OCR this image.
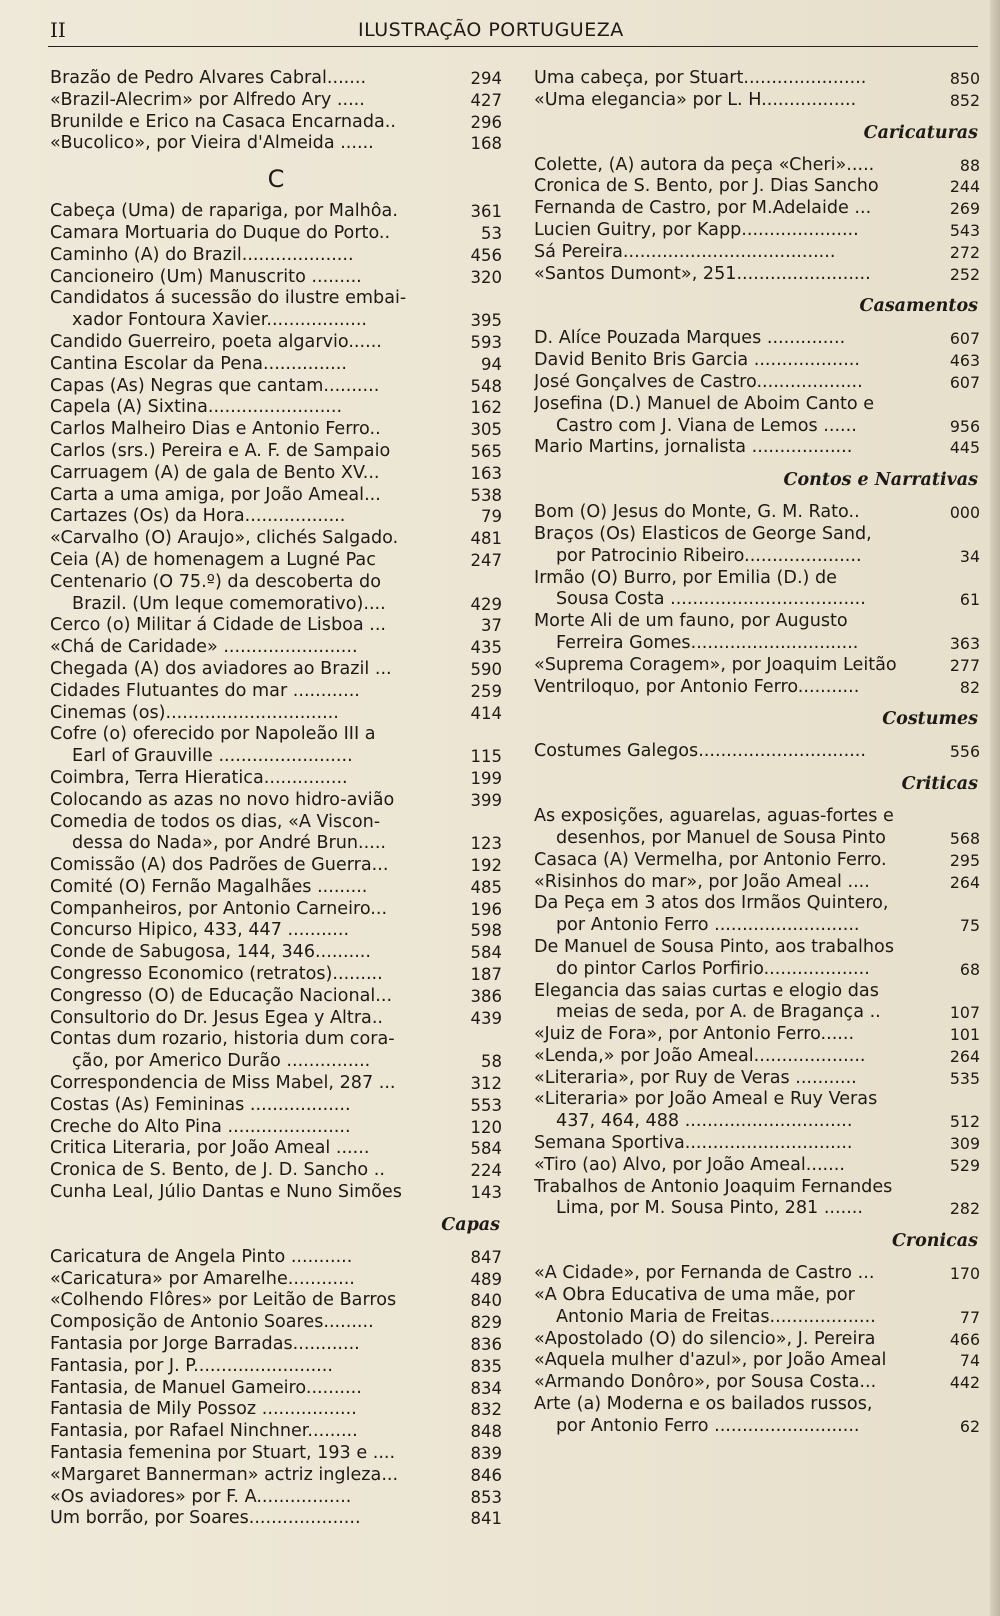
II	ILUSTRAÇÃO PORTUGUEZA
Brazão de Pedro Alvares Cabral.......	294
«Brazil-Alecrim» por Alfredo Ary .....	427
Brunilde e Erico na Casaca Encarnada..	296
«Bucolico», por Vieira d'Almeida ......	168
C
Cabeça (Uma) de rapariga, por Malhôa.	361
Camara Mortuaria do Duque do Porto..	53
Caminho (A) do Brazil....................	456
Cancioneiro (Um) Manuscrito .........	320
Candidatos á sucessão do ilustre embai-
xador Fontoura Xavier..................	395
Candido Guerreiro, poeta algarvio......	593
Cantina Escolar da Pena...............	94
Capas (As) Negras que cantam..........	548
Capela (A) Sixtina........................	162
Carlos Malheiro Dias e Antonio Ferro..	305
Carlos (srs.) Pereira e A. F. de Sampaio	565
Carruagem (A) de gala de Bento XV...	163
Carta a uma amiga, por João Ameal...	538
Cartazes (Os) da Hora..................	79
«Carvalho (O) Araujo», clichés Salgado.	481
Ceia (A) de homenagem a Lugné Pac	247
Centenario (O 75.º) da descoberta do
Brazil. (Um leque comemorativo)....	429
Cerco (o) Militar á Cidade de Lisboa ...	37
«Chá de Caridade» ........................	435
Chegada (A) dos aviadores ao Brazil ...	590
Cidades Flutuantes do mar ............	259
Cinemas (os)...............................	414
Cofre (o) oferecido por Napoleão III a
Earl of Grauville ........................	115
Coimbra, Terra Hieratica...............	199
Colocando as azas no novo hidro-avião	399
Comedia de todos os dias, «A Viscon-
dessa do Nada», por André Brun.....	123
Comissão (A) dos Padrões de Guerra...	192
Comité (O) Fernão Magalhães .........	485
Companheiros, por Antonio Carneiro...	196
Concurso Hipico, 433, 447 ...........	598
Conde de Sabugosa, 144, 346..........	584
Congresso Economico (retratos).........	187
Congresso (O) de Educação Nacional...	386
Consultorio do Dr. Jesus Egea y Altra..	439
Contas dum rozario, historia dum cora-
ção, por Americo Durão ...............	58
Correspondencia de Miss Mabel, 287 ...	312
Costas (As) Femininas ..................	553
Creche do Alto Pina ......................	120
Critica Literaria, por João Ameal ......	584
Cronica de S. Bento, de J. D. Sancho ..	224
Cunha Leal, Júlio Dantas e Nuno Simões	143
Capas
Caricatura de Angela Pinto ...........	847
«Caricatura» por Amarelhe............	489
«Colhendo Flôres» por Leitão de Barros	840
Composição de Antonio Soares.........	829
Fantasia por Jorge Barradas............	836
Fantasia, por J. P.........................	835
Fantasia, de Manuel Gameiro..........	834
Fantasia de Mily Possoz .................	832
Fantasia, por Rafael Ninchner.........	848
Fantasia femenina por Stuart, 193 e ....	839
«Margaret Bannerman» actriz ingleza...	846
«Os aviadores» por F. A.................	853
Um borrão, por Soares....................	841
Uma cabeça, por Stuart......................	850
«Uma elegancia» por L. H.................	852
Caricaturas
Colette, (A) autora da peça «Cheri».....	88
Cronica de S. Bento, por J. Dias Sancho	244
Fernanda de Castro, por M.Adelaide ...	269
Lucien Guitry, por Kapp.....................	543
Sá Pereira......................................	272
«Santos Dumont», 251........................	252
Casamentos
D. Alíce Pouzada Marques ..............	607
David Benito Bris Garcia ...................	463
José Gonçalves de Castro...................	607
Josefina (D.) Manuel de Aboim Canto e
Castro com J. Viana de Lemos ......	956
Mario Martins, jornalista ..................	445
Contos e Narrativas
Bom (O) Jesus do Monte, G. M. Rato..	000
Braços (Os) Elasticos de George Sand,
por Patrocinio Ribeiro.....................	34
Irmão (O) Burro, por Emilia (D.) de
Sousa Costa ...................................	61
Morte Ali de um fauno, por Augusto
Ferreira Gomes..............................	363
«Suprema Coragem», por Joaquim Leitão	277
Ventriloquo, por Antonio Ferro...........	82
Costumes
Costumes Galegos..............................	556
Criticas
As exposições, aguarelas, aguas-fortes e
desenhos, por Manuel de Sousa Pinto	568
Casaca (A) Vermelha, por Antonio Ferro.	295
«Risinhos do mar», por João Ameal ....	264
Da Peça em 3 atos dos Irmãos Quintero,
por Antonio Ferro ..........................	75
De Manuel de Sousa Pinto, aos trabalhos
do pintor Carlos Porfirio...................	68
Elegancia das saias curtas e elogio das
meias de seda, por A. de Bragança ..	107
«Juiz de Fora», por Antonio Ferro......	101
«Lenda,» por João Ameal....................	264
«Literaria», por Ruy de Veras ...........	535
«Literaria» por João Ameal e Ruy Veras
437, 464, 488 ..............................	512
Semana Sportiva..............................	309
«Tiro (ao) Alvo, por João Ameal.......	529
Trabalhos de Antonio Joaquim Fernandes
Lima, por M. Sousa Pinto, 281 .......	282
Cronicas
«A Cidade», por Fernanda de Castro ...	170
«A Obra Educativa de uma mãe, por
Antonio Maria de Freitas...................	77
«Apostolado (O) do silencio», J. Pereira	466
«Aquela mulher d'azul», por João Ameal	74
«Armando Donôro», por Sousa Costa...	442
Arte (a) Moderna e os bailados russos,
por Antonio Ferro ..........................	62
